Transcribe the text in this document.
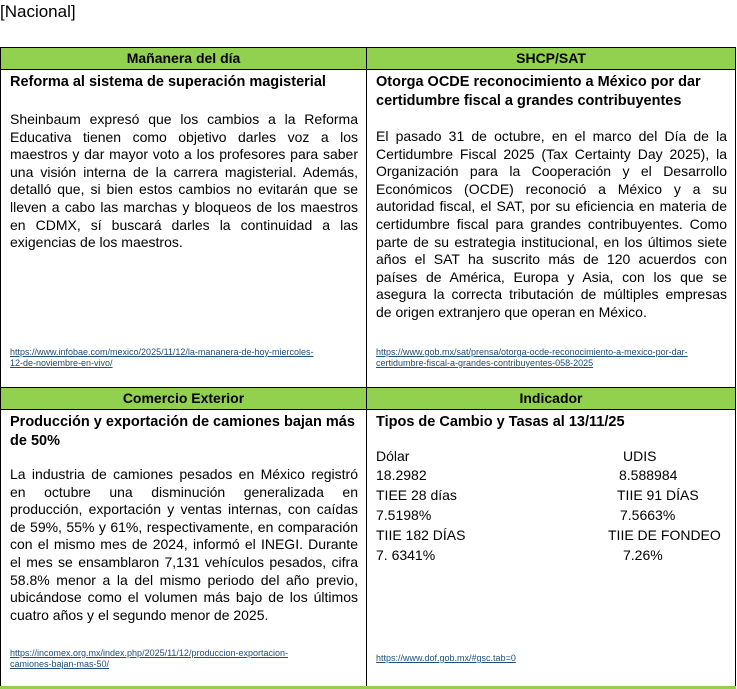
[Nacional]
Mañanera del día	SHCP/SAT
Reforma al sistema de superación magisterial
Sheinbaum expresó que los cambios a la Reforma Educativa tienen como objetivo darles voz a los maestros y dar mayor voto a los profesores para saber una visión interna de la carrera magisterial. Además, detalló que, si bien estos cambios no evitarán que se lleven a cabo las marchas y bloqueos de los maestros en CDMX, sí buscará darles la continuidad a las exigencias de los maestros.
https://www.infobae.com/mexico/2025/11/12/la-mananera-de-hoy-miercoles-
12-de-noviembre-en-vivo/
Otorga OCDE reconocimiento a México por dar certidumbre fiscal a grandes contribuyentes
El pasado 31 de octubre, en el marco del Día de la Certidumbre Fiscal 2025 (Tax Certainty Day 2025), la Organización para la Cooperación y el Desarrollo Económicos (OCDE) reconoció a México y a su autoridad fiscal, el SAT, por su eficiencia en materia de certidumbre fiscal para grandes contribuyentes. Como parte de su estrategia institucional, en los últimos siete años el SAT ha suscrito más de 120 acuerdos con países de América, Europa y Asia, con los que se asegura la correcta tributación de múltiples empresas de origen extranjero que operan en México.
https://www.gob.mx/sat/prensa/otorga-ocde-reconocimiento-a-mexico-por-dar-
certidumbre-fiscal-a-grandes-contribuyentes-058-2025
Comercio Exterior	Indicador
Producción y exportación de camiones bajan más de 50%
La industria de camiones pesados en México registró en octubre una disminución generalizada en producción, exportación y ventas internas, con caídas de 59%, 55% y 61%, respectivamente, en comparación con el mismo mes de 2024, informó el INEGI. Durante el mes se ensamblaron 7,131 vehículos pesados, cifra 58.8% menor a la del mismo periodo del año previo, ubicándose como el volumen más bajo de los últimos cuatro años y el segundo menor de 2025.
https://incomex.org.mx/index.php/2025/11/12/produccion-exportacion-
camiones-bajan-mas-50/
Tipos de Cambio y Tasas al 13/11/25
Dólar	UDIS
18.2982	8.588984
TIEE 28 días	TIIE 91 DÍAS
7.5198%	7.5663%
TIIE 182 DÍAS	TIIE DE FONDEO
7. 6341%	7.26%
https://www.dof.gob.mx/#gsc.tab=0
